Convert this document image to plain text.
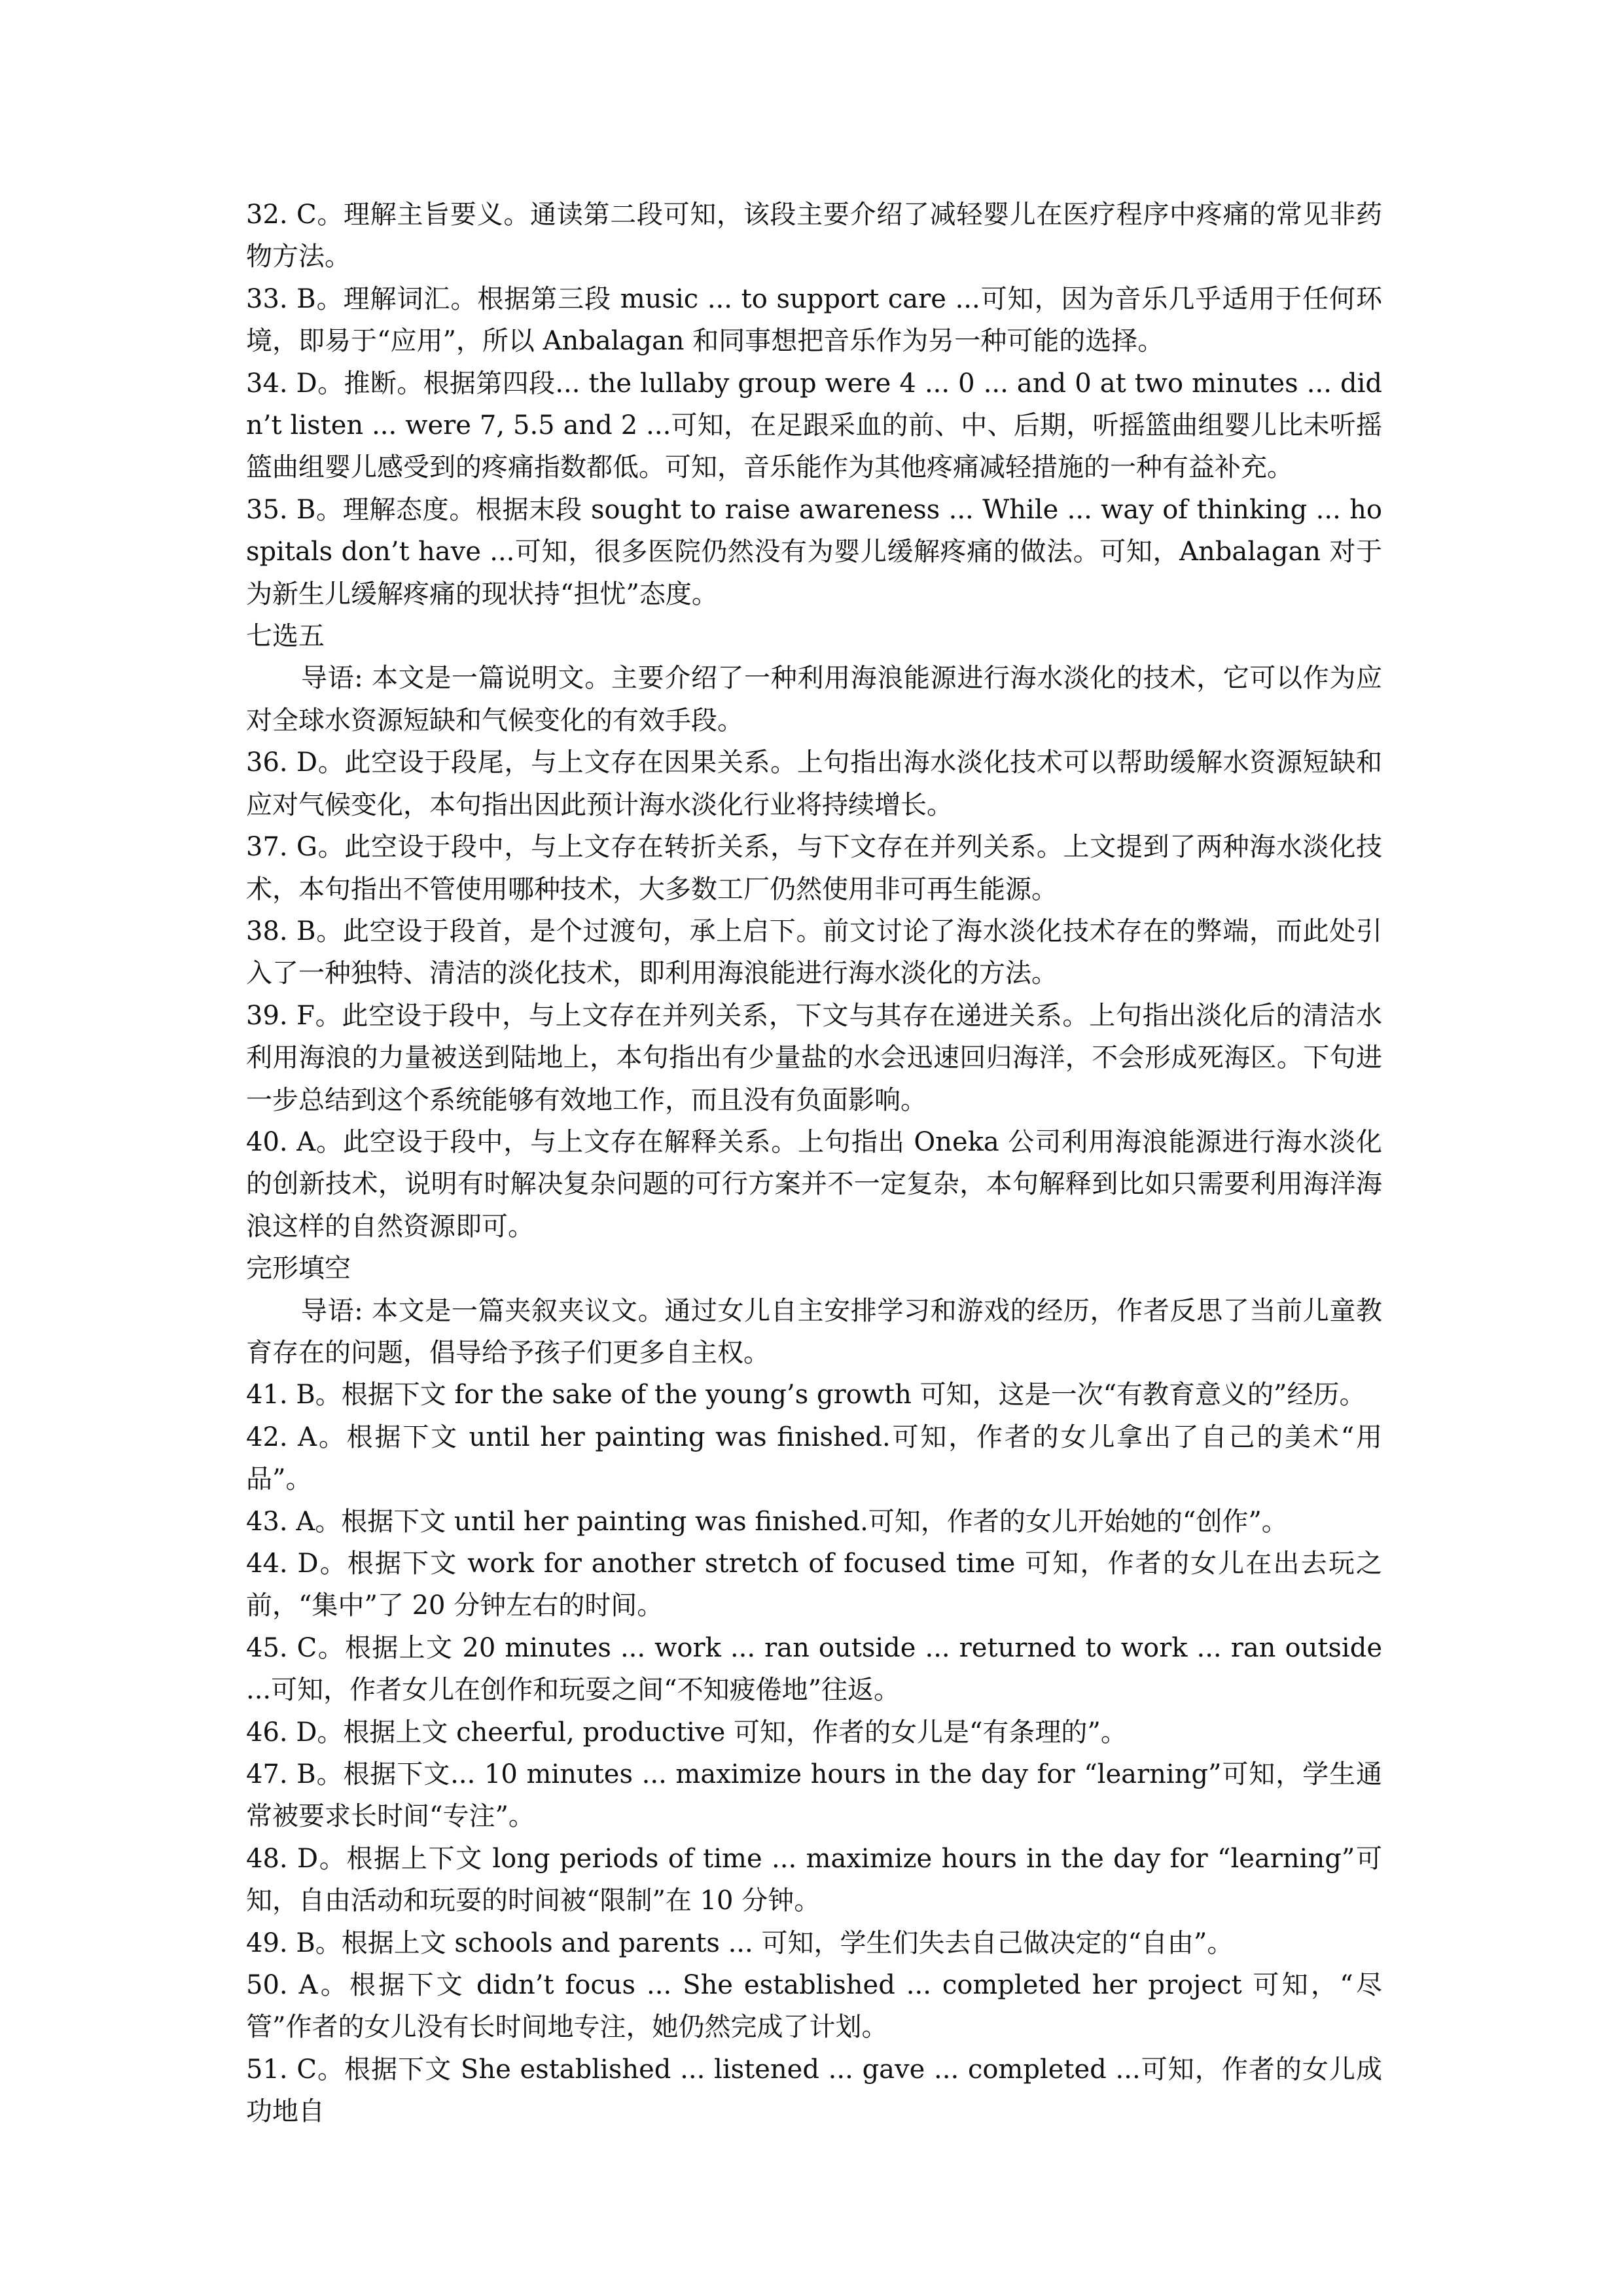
32. C。理解主旨要义。通读第二段可知，该段主要介绍了减轻婴儿在医疗程序中疼痛的常见非药物方法。

33. B。理解词汇。根据第三段 music ... to support care ...可知，因为音乐几乎适用于任何环境，即易于“应用”，所以 Anbalagan 和同事想把音乐作为另一种可能的选择。

34. D。推断。根据第四段... the lullaby group were 4 ... 0 ... and 0 at two minutes ... didn’t listen ... were 7, 5.5 and 2 ...可知，在足跟采血的前、中、后期，听摇篮曲组婴儿比未听摇篮曲组婴儿感受到的疼痛指数都低。可知，音乐能作为其他疼痛减轻措施的一种有益补充。

35. B。理解态度。根据末段 sought to raise awareness ... While ... way of thinking ... hospitals don’t have ...可知，很多医院仍然没有为婴儿缓解疼痛的做法。可知，Anbalagan 对于为新生儿缓解疼痛的现状持“担忧”态度。

七选五

导语: 本文是一篇说明文。主要介绍了一种利用海浪能源进行海水淡化的技术，它可以作为应对全球水资源短缺和气候变化的有效手段。

36. D。此空设于段尾，与上文存在因果关系。上句指出海水淡化技术可以帮助缓解水资源短缺和应对气候变化，本句指出因此预计海水淡化行业将持续增长。

37. G。此空设于段中，与上文存在转折关系，与下文存在并列关系。上文提到了两种海水淡化技术，本句指出不管使用哪种技术，大多数工厂仍然使用非可再生能源。

38. B。此空设于段首，是个过渡句，承上启下。前文讨论了海水淡化技术存在的弊端，而此处引入了一种独特、清洁的淡化技术，即利用海浪能进行海水淡化的方法。

39. F。此空设于段中，与上文存在并列关系，下文与其存在递进关系。上句指出淡化后的清洁水利用海浪的力量被送到陆地上，本句指出有少量盐的水会迅速回归海洋，不会形成死海区。下句进一步总结到这个系统能够有效地工作，而且没有负面影响。

40. A。此空设于段中，与上文存在解释关系。上句指出 Oneka 公司利用海浪能源进行海水淡化的创新技术，说明有时解决复杂问题的可行方案并不一定复杂，本句解释到比如只需要利用海洋海浪这样的自然资源即可。

完形填空

导语: 本文是一篇夹叙夹议文。通过女儿自主安排学习和游戏的经历，作者反思了当前儿童教育存在的问题，倡导给予孩子们更多自主权。

41. B。根据下文 for the sake of the young’s growth 可知，这是一次“有教育意义的”经历。

42. A。根据下文 until her painting was finished.可知，作者的女儿拿出了自己的美术“用品”。

43. A。根据下文 until her painting was finished.可知，作者的女儿开始她的“创作”。

44. D。根据下文 work for another stretch of focused time 可知，作者的女儿在出去玩之前，“集中”了 20 分钟左右的时间。

45. C。根据上文 20 minutes ... work ... ran outside ... returned to work ... ran outside ...可知，作者女儿在创作和玩耍之间“不知疲倦地”往返。

46. D。根据上文 cheerful, productive 可知，作者的女儿是“有条理的”。

47. B。根据下文... 10 minutes ... maximize hours in the day for “learning”可知，学生通常被要求长时间“专注”。

48. D。根据上下文 long periods of time ... maximize hours in the day for “learning”可知，自由活动和玩耍的时间被“限制”在 10 分钟。

49. B。根据上文 schools and parents ... 可知，学生们失去自己做决定的“自由”。

50. A。根据下文 didn’t focus ... She established ... completed her project 可知，“尽管”作者的女儿没有长时间地专注，她仍然完成了计划。

51. C。根据下文 She established ... listened ... gave ... completed ...可知，作者的女儿成功地自
